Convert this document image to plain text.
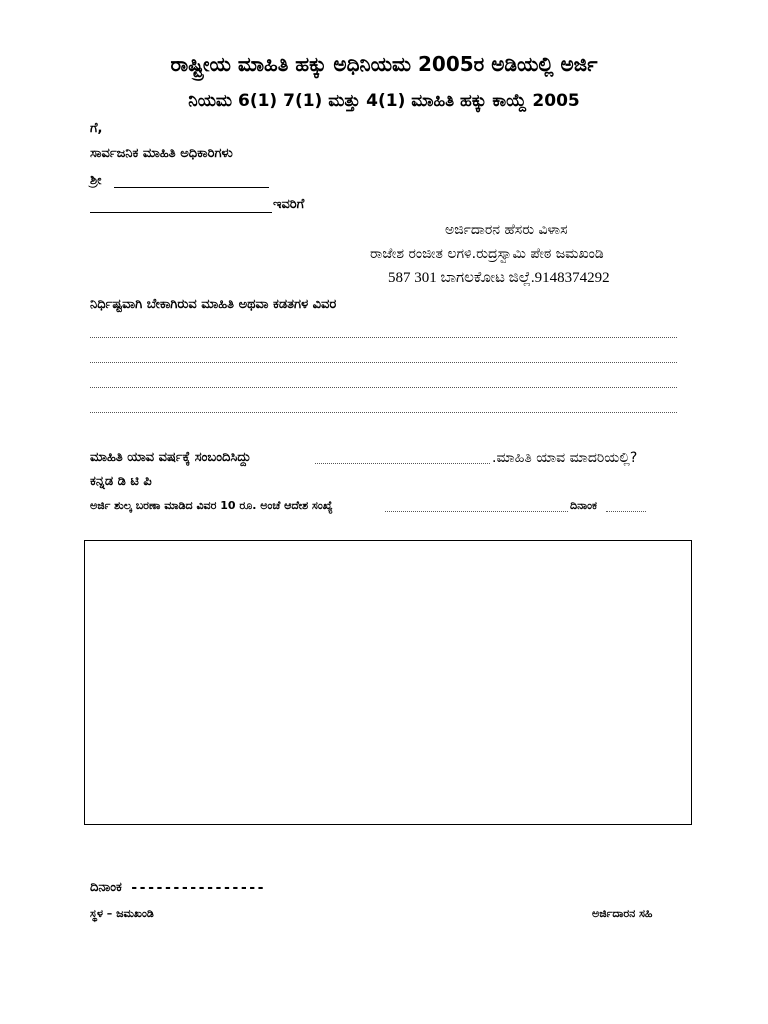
ರಾಷ್ಟ್ರೀಯ ಮಾಹಿತಿ ಹಕ್ಕು ಅಧಿನಿಯಮ 2005ರ ಅಡಿಯಲ್ಲಿ ಅರ್ಜಿ
ನಿಯಮ 6(1) 7(1) ಮತ್ತು 4(1) ಮಾಹಿತಿ ಹಕ್ಕು ಕಾಯ್ದೆ 2005
ಗೆ,
ಸಾರ್ವಜನಿಕ ಮಾಹಿತಿ ಅಧಿಕಾರಿಗಳು
ಶ್ರೀ
ಇವರಿಗೆ
ಅರ್ಜಿದಾರನ ಹೆಸರು ವಿಳಾಸ
ರಾಜೇಶ ರಂಜೀತ ಲಗಳಿ.ರುದ್ರಸ್ವಾಮಿ ಪೇಠ ಜಮಖಂಡಿ
587 301 ಬಾಗಲಕೋಟ ಜಿಲ್ಲೆ.9148374292
ನಿರ್ಧಿಷ್ಟವಾಗಿ ಬೇಕಾಗಿರುವ ಮಾಹಿತಿ ಅಥವಾ ಕಡತಗಳ ವಿವರ
ಮಾಹಿತಿ ಯಾವ ವರ್ಷಕ್ಕೆ ಸಂಬಂದಿಸಿದ್ದು	.ಮಾಹಿತಿ ಯಾವ ಮಾದರಿಯಲ್ಲಿ?
ಕನ್ನಡ ಡಿ ಟಿ ಪಿ
ಅರ್ಜಿ ಶುಲ್ಕ ಬರಣಾ ಮಾಡಿದ ವಿವರ 10 ರೂ. ಅಂಚೆ ಆದೇಶ ಸಂಖ್ಯೆ	ದಿನಾಂಕ
ದಿನಾಂಕ ----------------
ಸ್ಥಳ – ಜಮಖಂಡಿ	ಅರ್ಜಿದಾರನ ಸಹಿ
